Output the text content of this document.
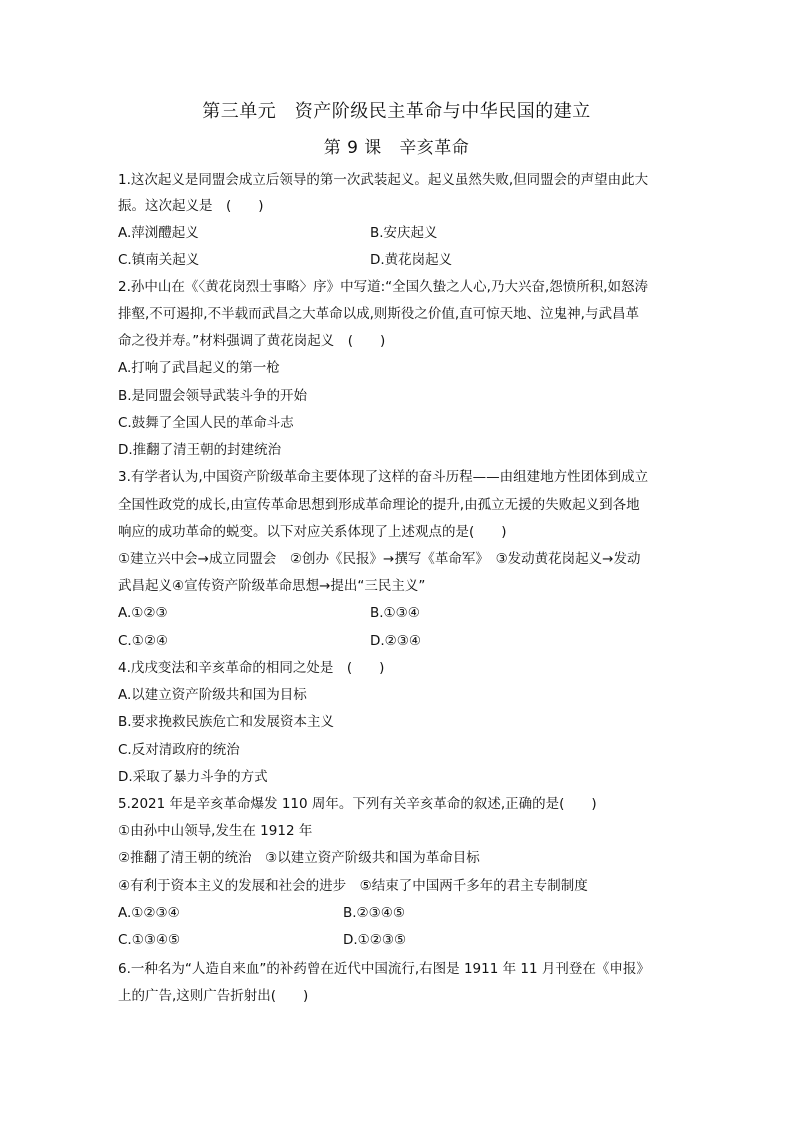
第三单元　资产阶级民主革命与中华民国的建立
第 9 课　辛亥革命
1.这次起义是同盟会成立后领导的第一次武装起义。起义虽然失败,但同盟会的声望由此大
振。这次起义是　(　　)
A.萍浏醴起义	B.安庆起义
C.镇南关起义	D.黄花岗起义
2.孙中山在《〈黄花岗烈士事略〉序》中写道:“全国久蛰之人心,乃大兴奋,怨愤所积,如怒涛
排壑,不可遏抑,不半载而武昌之大革命以成,则斯役之价值,直可惊天地、泣鬼神,与武昌革
命之役并寿。”材料强调了黄花岗起义　(　　)
A.打响了武昌起义的第一枪
B.是同盟会领导武装斗争的开始
C.鼓舞了全国人民的革命斗志
D.推翻了清王朝的封建统治
3.有学者认为,中国资产阶级革命主要体现了这样的奋斗历程——由组建地方性团体到成立
全国性政党的成长,由宣传革命思想到形成革命理论的提升,由孤立无援的失败起义到各地
响应的成功革命的蜕变。以下对应关系体现了上述观点的是(　　)
①建立兴中会→成立同盟会　②创办《民报》→撰写《革命军》　③发动黄花岗起义→发动
武昌起义④宣传资产阶级革命思想→提出“三民主义”
A.①②③	B.①③④
C.①②④	D.②③④
4.戊戌变法和辛亥革命的相同之处是　(　　)
A.以建立资产阶级共和国为目标
B.要求挽救民族危亡和发展资本主义
C.反对清政府的统治
D.采取了暴力斗争的方式
5.2021 年是辛亥革命爆发 110 周年。下列有关辛亥革命的叙述,正确的是(　　)
①由孙中山领导,发生在 1912 年
②推翻了清王朝的统治　③以建立资产阶级共和国为革命目标
④有利于资本主义的发展和社会的进步　⑤结束了中国两千多年的君主专制制度
A.①②③④	B.②③④⑤
C.①③④⑤	D.①②③⑤
6.一种名为“人造自来血”的补药曾在近代中国流行,右图是 1911 年 11 月刊登在《申报》
上的广告,这则广告折射出(　　)
